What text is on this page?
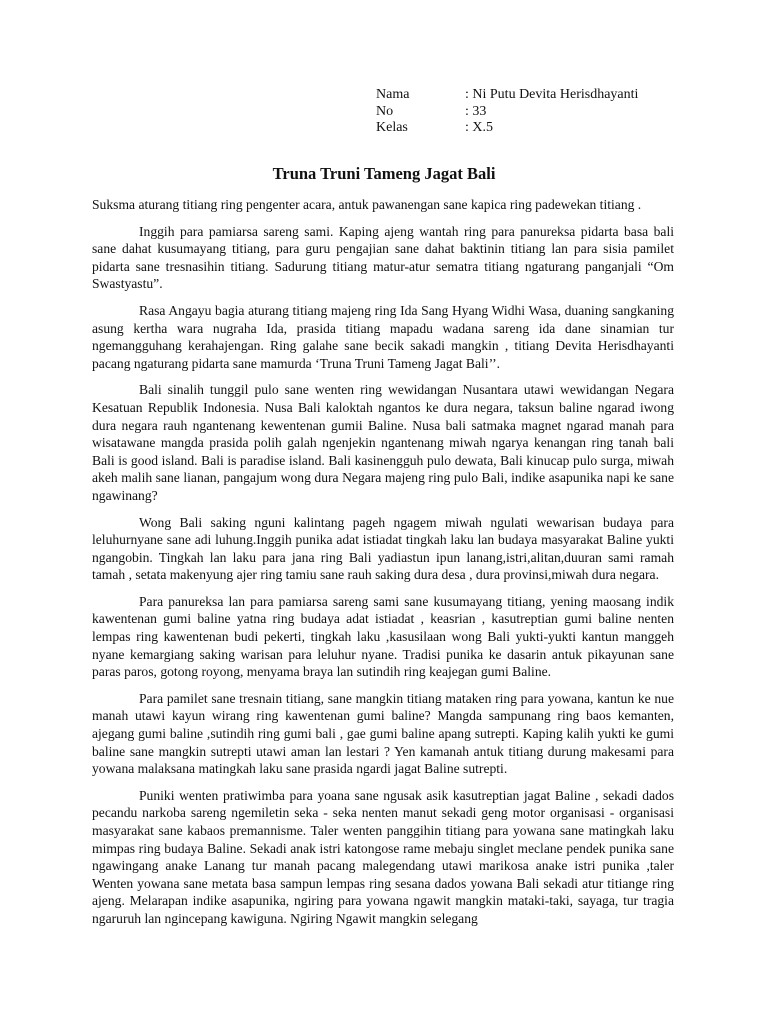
Nama	: Ni Putu Devita Herisdhayanti
No	: 33
Kelas	: X.5
Truna Truni Tameng Jagat Bali

Suksma aturang titiang ring pengenter acara, antuk pawanengan sane kapica ring padewekan titiang .

Inggih para pamiarsa sareng sami. Kaping ajeng wantah ring para panureksa pidarta basa bali sane dahat kusumayang titiang, para guru pengajian sane dahat baktinin titiang lan para sisia pamilet pidarta sane tresnasihin titiang. Sadurung titiang matur-atur sematra titiang ngaturang panganjali “Om Swastyastu”.

Rasa Angayu bagia aturang titiang majeng ring Ida Sang Hyang Widhi Wasa, duaning sangkaning asung kertha wara nugraha Ida, prasida titiang mapadu wadana sareng ida dane sinamian tur ngemangguhang kerahajengan. Ring galahe sane becik sakadi mangkin , titiang Devita Herisdhayanti pacang ngaturang pidarta sane mamurda ‘Truna Truni Tameng Jagat Bali’’.

Bali sinalih tunggil pulo sane wenten ring wewidangan Nusantara utawi wewidangan Negara Kesatuan Republik Indonesia. Nusa Bali kaloktah ngantos ke dura negara, taksun baline ngarad iwong dura negara rauh ngantenang kewentenan gumii Baline. Nusa bali satmaka magnet ngarad manah para wisatawane mangda prasida polih galah ngenjekin ngantenang miwah ngarya kenangan ring tanah bali Bali is good island. Bali is paradise island. Bali kasinengguh pulo dewata, Bali kinucap pulo surga, miwah akeh malih sane lianan, pangajum wong dura Negara majeng ring pulo Bali, indike asapunika napi ke sane ngawinang?

Wong Bali saking nguni kalintang pageh ngagem miwah ngulati wewarisan budaya para leluhurnyane sane adi luhung.Inggih punika adat istiadat tingkah laku lan budaya masyarakat Baline yukti ngangobin. Tingkah lan laku para jana ring Bali yadiastun ipun lanang,istri,alitan,duuran sami ramah tamah , setata makenyung ajer ring tamiu sane rauh saking dura desa , dura provinsi,miwah dura negara.

Para panureksa lan para pamiarsa sareng sami sane kusumayang titiang, yening maosang indik kawentenan gumi baline yatna ring budaya adat istiadat , keasrian , kasutreptian gumi baline nenten lempas ring kawentenan budi pekerti, tingkah laku ,kasusilaan wong Bali yukti-yukti kantun manggeh nyane kemargiang saking warisan para leluhur nyane. Tradisi punika ke dasarin antuk pikayunan sane paras paros, gotong royong, menyama braya lan sutindih ring keajegan gumi Baline.

Para pamilet sane tresnain titiang, sane mangkin titiang mataken ring para yowana, kantun ke nue manah utawi kayun wirang ring kawentenan gumi baline? Mangda sampunang ring baos kemanten, ajegang gumi baline ,sutindih ring gumi bali , gae gumi baline apang sutrepti. Kaping kalih yukti ke gumi baline sane mangkin sutrepti utawi aman lan lestari ? Yen kamanah antuk titiang durung makesami para yowana malaksana matingkah laku sane prasida ngardi jagat Baline sutrepti.

Puniki wenten pratiwimba para yoana sane ngusak asik kasutreptian jagat Baline , sekadi dados pecandu narkoba sareng ngemiletin seka - seka nenten manut sekadi geng motor organisasi - organisasi masyarakat sane kabaos premannisme. Taler wenten panggihin titiang para yowana sane matingkah laku mimpas ring budaya Baline. Sekadi anak istri katongose rame mebaju singlet meclane pendek punika sane ngawingang anake Lanang tur manah pacang malegendang utawi marikosa anake istri punika ,taler Wenten yowana sane metata basa sampun lempas ring sesana dados yowana Bali sekadi atur titiange ring ajeng. Melarapan indike asapunika, ngiring para yowana ngawit mangkin mataki-taki, sayaga, tur tragia ngaruruh lan ngincepang kawiguna. Ngiring Ngawit mangkin selegang
